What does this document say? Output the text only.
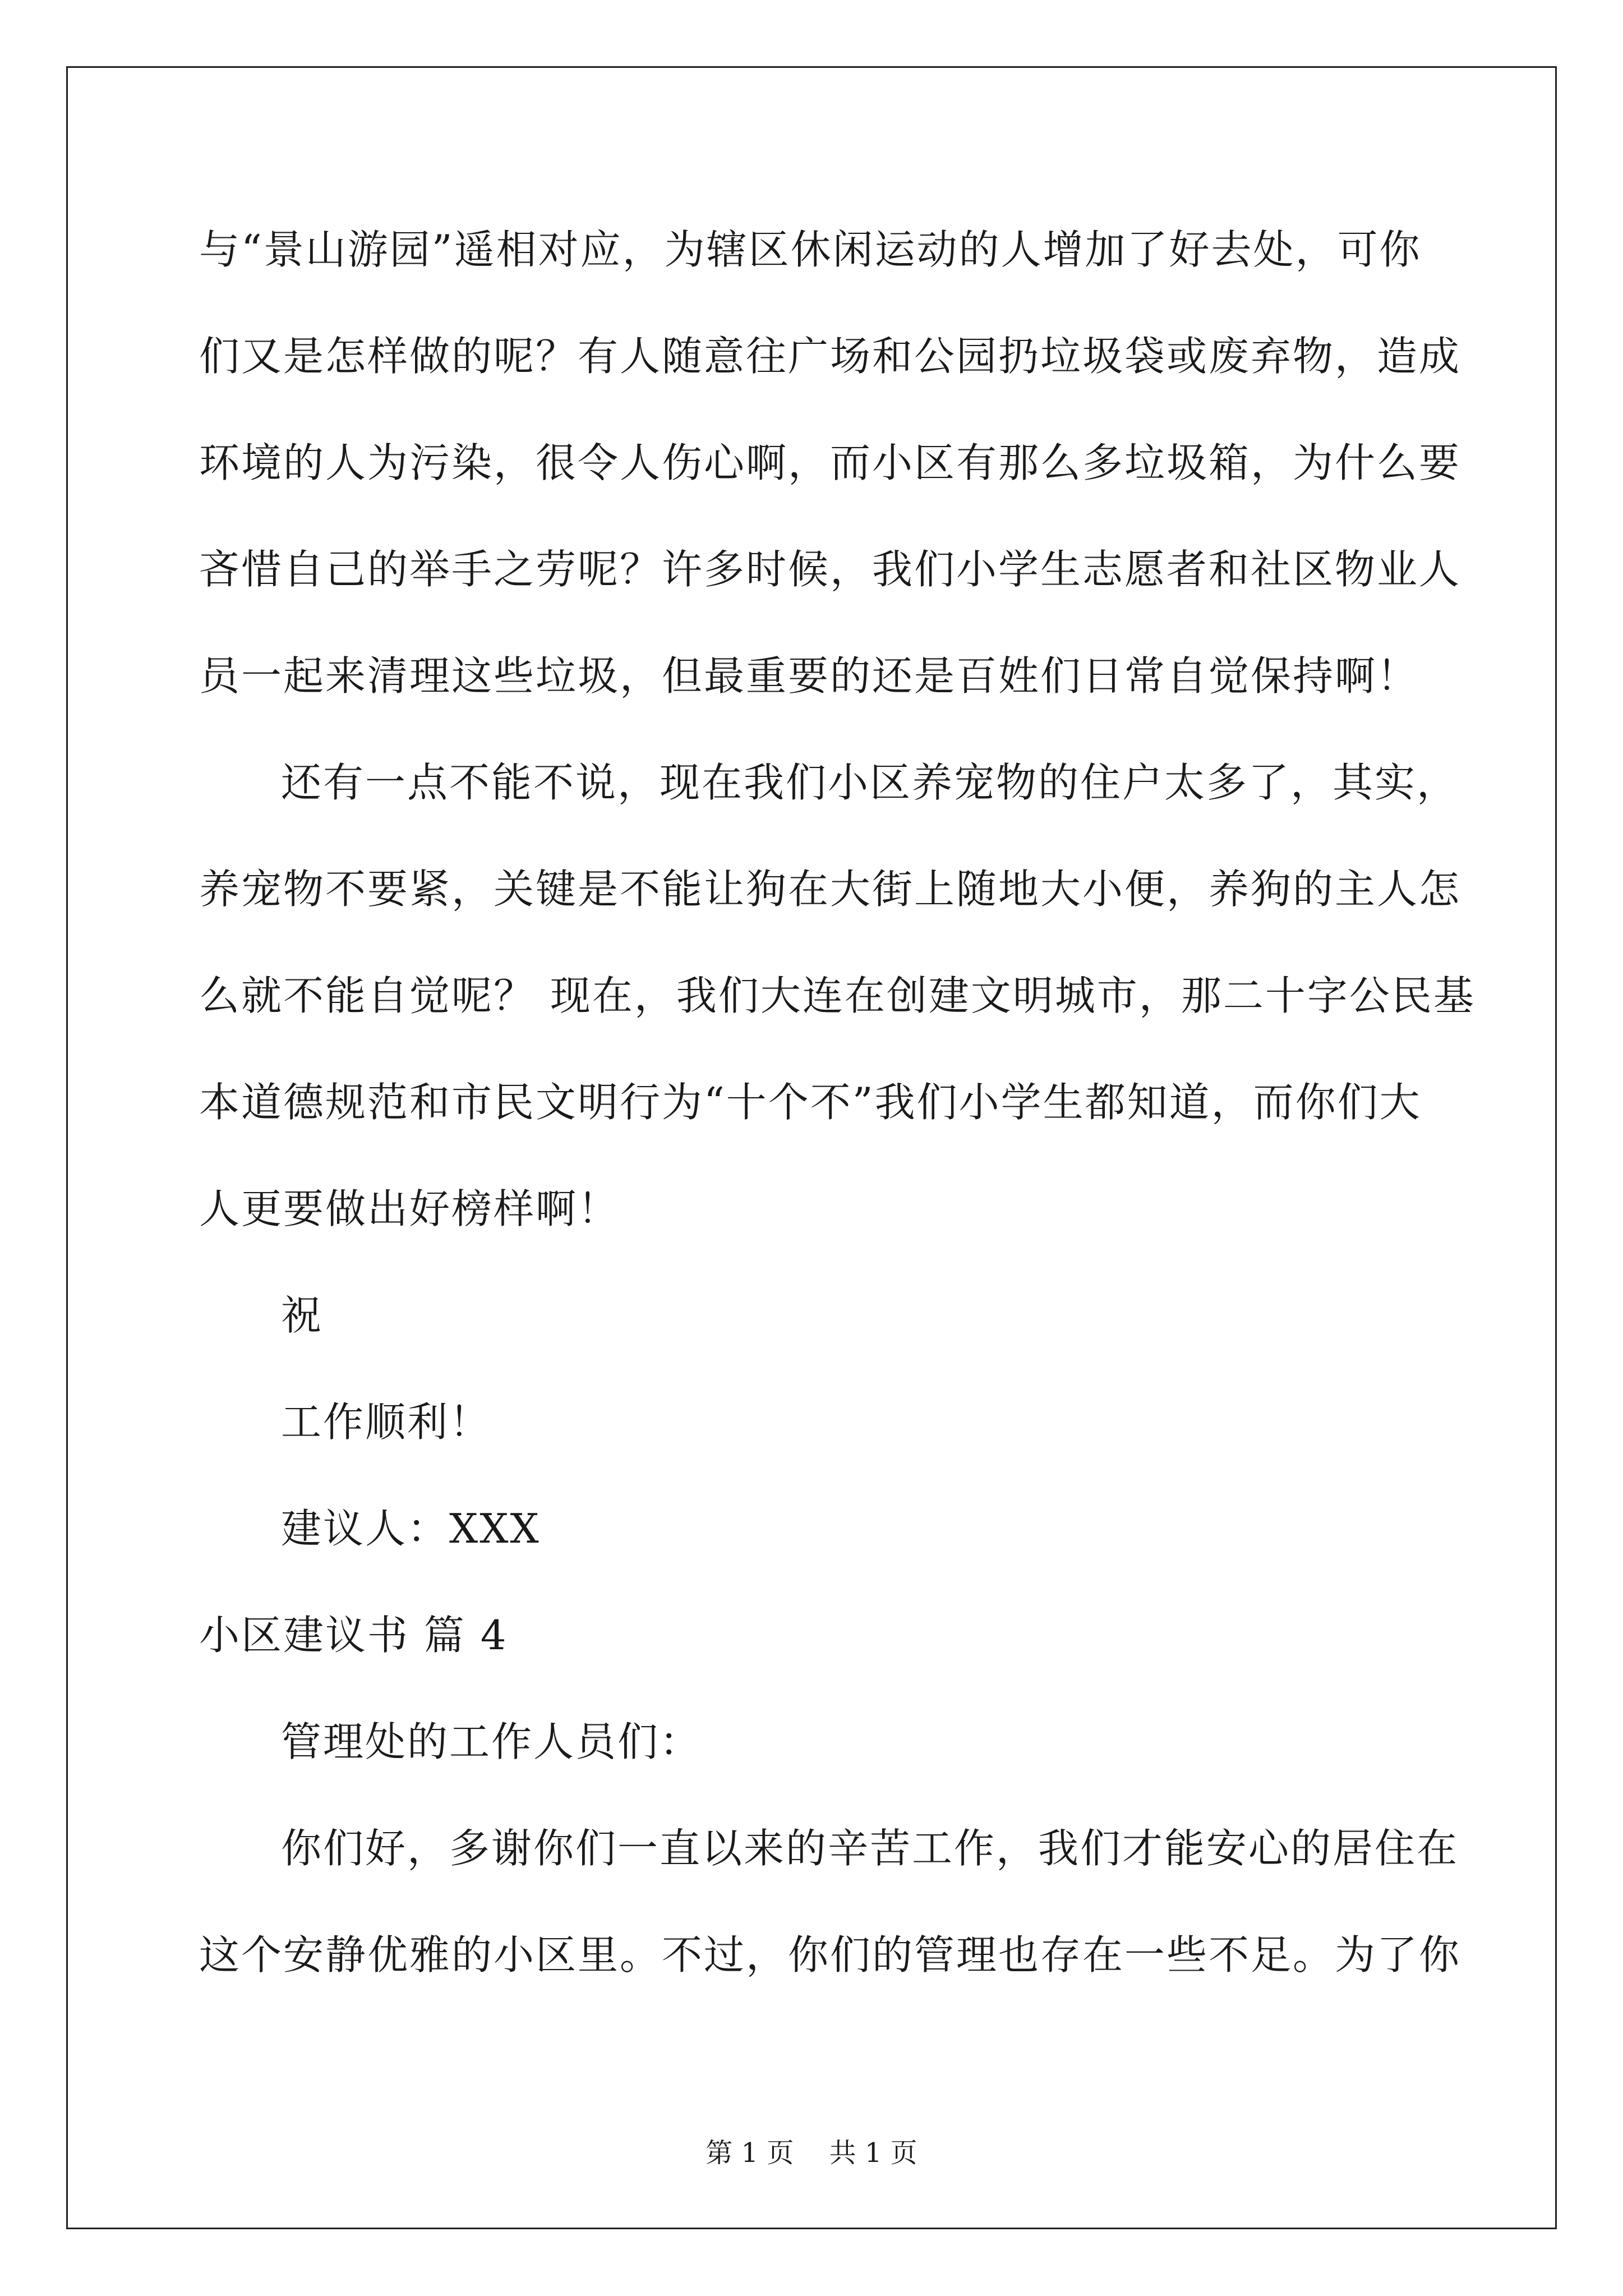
与“景山游园”遥相对应，为辖区休闲运动的人增加了好去处，可你
们又是怎样做的呢？有人随意往广场和公园扔垃圾袋或废弃物，造成
环境的人为污染，很令人伤心啊，而小区有那么多垃圾箱，为什么要
吝惜自己的举手之劳呢？许多时候，我们小学生志愿者和社区物业人
员一起来清理这些垃圾，但最重要的还是百姓们日常自觉保持啊！
还有一点不能不说，现在我们小区养宠物的住户太多了，其实，
养宠物不要紧，关键是不能让狗在大街上随地大小便，养狗的主人怎
么就不能自觉呢？ 现在，我们大连在创建文明城市，那二十字公民基
本道德规范和市民文明行为“十个不”我们小学生都知道，而你们大
人更要做出好榜样啊！
祝
工作顺利！
建议人：XXX
小区建议书 篇 4
管理处的工作人员们：
你们好，多谢你们一直以来的辛苦工作，我们才能安心的居住在
这个安静优雅的小区里。不过，你们的管理也存在一些不足。为了你
第 1 页 共 1 页
